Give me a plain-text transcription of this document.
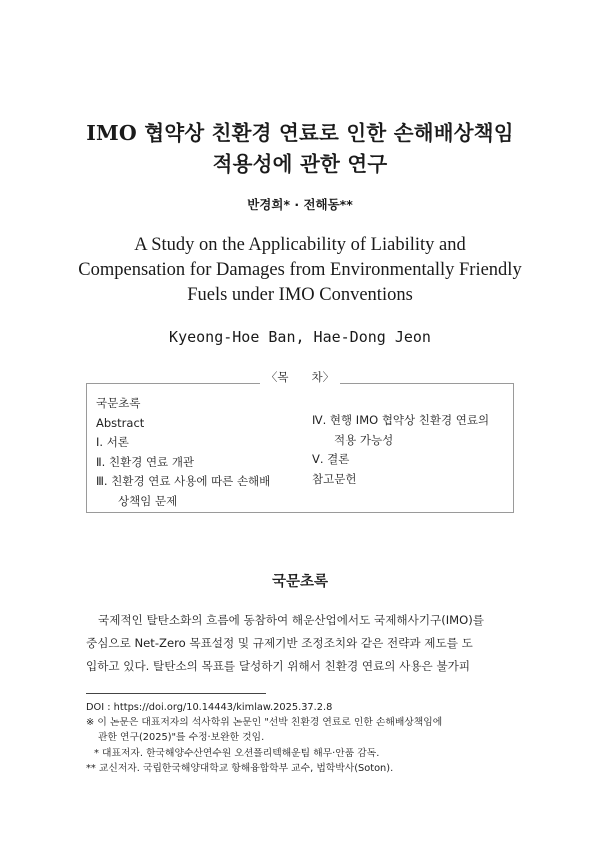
IMO 협약상 친환경 연료로 인한 손해배상책임
적용성에 관한 연구
반경희* · 전해동**
A Study on the Applicability of Liability and
Compensation for Damages from Environmentally Friendly
Fuels under IMO Conventions
Kyeong-Hoe Ban, Hae-Dong Jeon
〈목　　차〉
국문초록
Abstract
Ⅰ. 서론
Ⅱ. 친환경 연료 개관
Ⅲ. 친환경 연료 사용에 따른 손해배
상책임 문제
Ⅳ. 현행 IMO 협약상 친환경 연료의
적용 가능성
Ⅴ. 결론
참고문헌
국문초록
국제적인 탈탄소화의 흐름에 동참하여 해운산업에서도 국제해사기구(IMO)를
중심으로 Net-Zero 목표설정 및 규제기반 조정조치와 같은 전략과 제도를 도
입하고 있다. 탈탄소의 목표를 달성하기 위해서 친환경 연료의 사용은 불가피
DOI : https://doi.org/10.14443/kimlaw.2025.37.2.8
※ 이 논문은 대표저자의 석사학위 논문인 "선박 친환경 연료로 인한 손해배상책임에
관한 연구(2025)"를 수정·보완한 것임.
* 대표저자. 한국해양수산연수원 오션폴리텍해운팀 해무·안품 감독.
** 교신저자. 국립한국해양대학교 항해융합학부 교수, 법학박사(Soton).
